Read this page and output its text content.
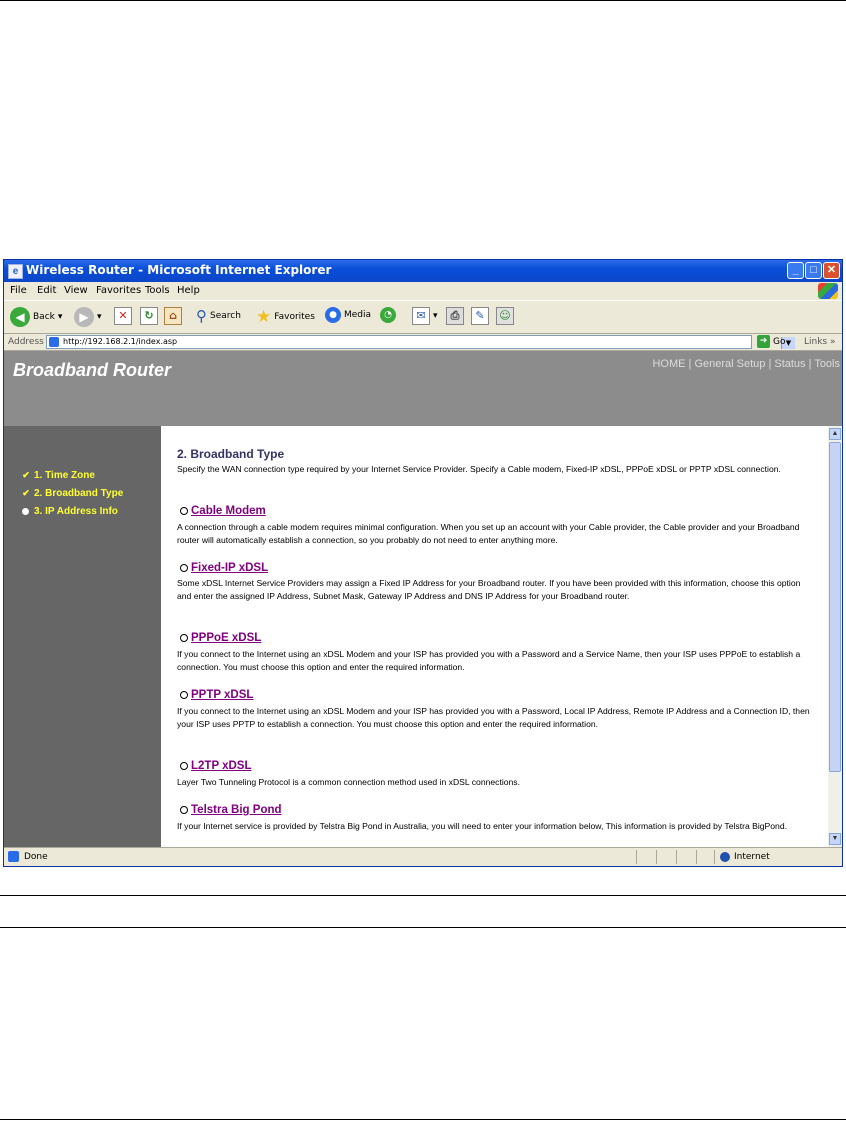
e Wireless Router - Microsoft Internet Explorer	_	□ ✕
File Edit View Favorites Tools Help
◀ Back ▾	▶ ▾	✕	↻	⌂	⚲ Search ★ Favorites	● Media	◔	✉ ▾	⎙	✎	☺
Address http://192.168.2.1/index.asp	▼
➜ Go Links »
Broadband Router	HOME | General Setup | Status | Tools
✔ 1. Time Zone
✔ 2. Broadband Type
3. IP Address Info
2. Broadband Type
Specify the WAN connection type required by your Internet Service Provider. Specify a Cable modem, Fixed-IP xDSL, PPPoE xDSL or PPTP xDSL connection.
Cable Modem
A connection through a cable modem requires minimal configuration. When you set up an account with your Cable provider, the Cable provider and your Broadband router will automatically establish a connection, so you probably do not need to enter anything more.
Fixed-IP xDSL
Some xDSL Internet Service Providers may assign a Fixed IP Address for your Broadband router. If you have been provided with this information, choose this option and enter the assigned IP Address, Subnet Mask, Gateway IP Address and DNS IP Address for your Broadband router.
PPPoE xDSL
If you connect to the Internet using an xDSL Modem and your ISP has provided you with a Password and a Service Name, then your ISP uses PPPoE to establish a connection. You must choose this option and enter the required information.
PPTP xDSL
If you connect to the Internet using an xDSL Modem and your ISP has provided you with a Password, Local IP Address, Remote IP Address and a Connection ID, then your ISP uses PPTP to establish a connection. You must choose this option and enter the required information.
L2TP xDSL
Layer Two Tunneling Protocol is a common connection method used in xDSL connections.
Telstra Big Pond
If your Internet service is provided by Telstra Big Pond in Australia, you will need to enter your information below, This information is provided by Telstra BigPond.
▲
▼
Done	Internet
